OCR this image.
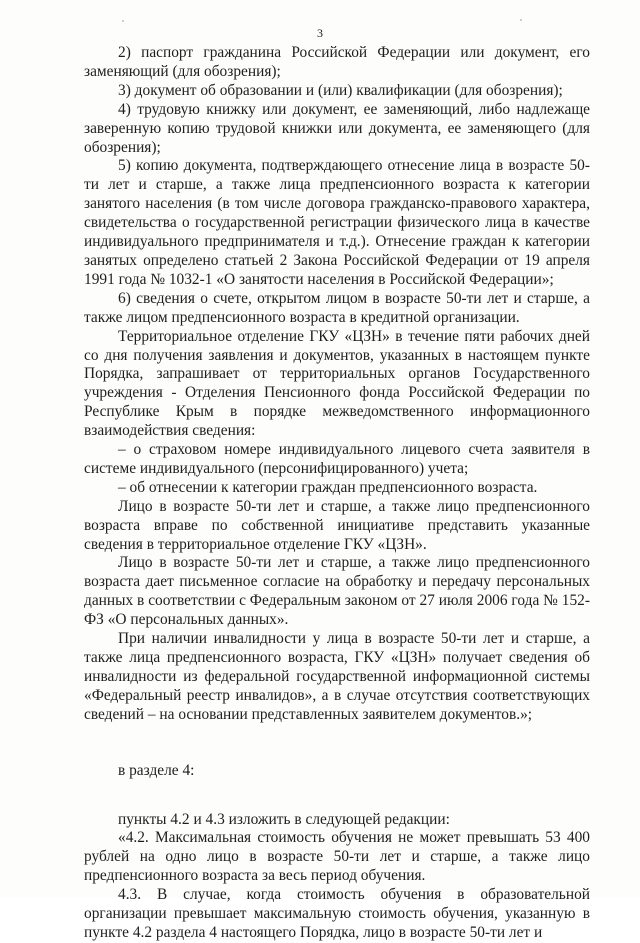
3

2) паспорт гражданина Российской Федерации или документ, его заменяющий (для обозрения);

3) документ об образовании и (или) квалификации (для обозрения);

4) трудовую книжку или документ, ее заменяющий, либо надлежаще заверенную копию трудовой книжки или документа, ее заменяющего (для обозрения);

5) копию документа, подтверждающего отнесение лица в возрасте 50-ти лет и старше, а также лица предпенсионного возраста к категории занятого населения (в том числе договора гражданско-правового характера, свидетельства о государственной регистрации физического лица в качестве индивидуального предпринимателя и т.д.). Отнесение граждан к категории занятых определено статьей 2 Закона Российской Федерации от 19 апреля 1991 года № 1032-1 «О занятости населения в Российской Федерации»;

6) сведения о счете, открытом лицом в возрасте 50-ти лет и старше, а также лицом предпенсионного возраста в кредитной организации.

Территориальное отделение ГКУ «ЦЗН» в течение пяти рабочих дней со дня получения заявления и документов, указанных в настоящем пункте Порядка, запрашивает от территориальных органов Государственного учреждения - Отделения Пенсионного фонда Российской Федерации по Республике Крым в порядке межведомственного информационного взаимодействия сведения:

– о страховом номере индивидуального лицевого счета заявителя в системе индивидуального (персонифицированного) учета;

– об отнесении к категории граждан предпенсионного возраста.

Лицо в возрасте 50-ти лет и старше, а также лицо предпенсионного возраста вправе по собственной инициативе представить указанные сведения в территориальное отделение ГКУ «ЦЗН».

Лицо в возрасте 50-ти лет и старше, а также лицо предпенсионного возраста дает письменное согласие на обработку и передачу персональных данных в соответствии с Федеральным законом от 27 июля 2006 года № 152-ФЗ «О персональных данных».

При наличии инвалидности у лица в возрасте 50-ти лет и старше, а также лица предпенсионного возраста, ГКУ «ЦЗН» получает сведения об инвалидности из федеральной государственной информационной системы «Федеральный реестр инвалидов», а в случае отсутствия соответствующих сведений – на основании представленных заявителем документов.»;

в разделе 4:

пункты 4.2 и 4.3 изложить в следующей редакции:

«4.2. Максимальная стоимость обучения не может превышать 53 400 рублей на одно лицо в возрасте 50-ти лет и старше, а также лицо предпенсионного возраста за весь период обучения.

4.3. В случае, когда стоимость обучения в образовательной организации превышает максимальную стоимость обучения, указанную в пункте 4.2 раздела 4 настоящего Порядка, лицо в возрасте 50-ти лет и
